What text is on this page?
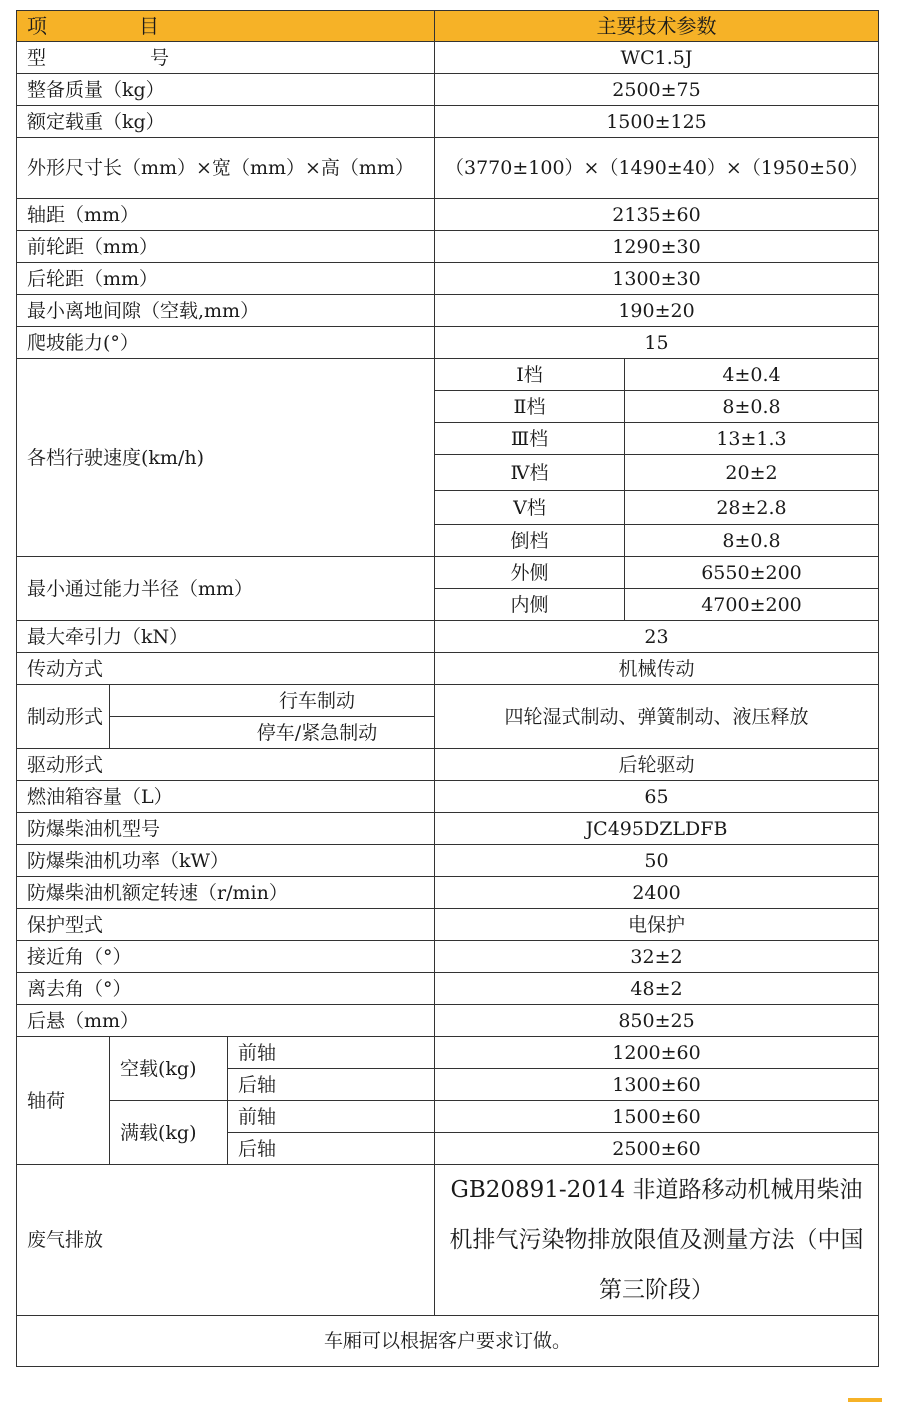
项 目			主要技术参数	
型 号			WC1.5J	
整备质量（kg）			2500±75	
额定载重（kg）			1500±125	
外形尺寸长（mm）×宽（mm）×高（mm）			（3770±100）×（1490±40）×（1950±50）	
轴距（mm）			2135±60	
前轮距（mm）			1290±30	
后轮距（mm）			1300±30	
最小离地间隙（空载,mm）			190±20	
爬坡能力(°）			15	
各档行驶速度(km/h)			Ⅰ档	4±0.4
			Ⅱ档	8±0.8
			Ⅲ档	13±1.3
			Ⅳ档	20±2
			Ⅴ档	28±2.8
			倒档	8±0.8
最小通过能力半径（mm）			外侧	6550±200
			内侧	4700±200
最大牵引力（kN）			23	
传动方式			机械传动	
制动形式	行车制动		四轮湿式制动、弹簧制动、液压释放	
	停车/紧急制动			
驱动形式			后轮驱动	
燃油箱容量（L）			65	
防爆柴油机型号			JC495DZLDFB	
防爆柴油机功率（kW）			50	
防爆柴油机额定转速（r/min）			2400	
保护型式			电保护	
接近角（°）			32±2	
离去角（°）			48±2	
后悬（mm）			850±25	
轴荷	空载(kg)	前轴	1200±60	
		后轴	1300±60	
	满载(kg)	前轴	1500±60	
		后轴	2500±60	
废气排放			GB20891-2014 非道路移动机械用柴油机排气污染物排放限值及测量方法（中国第三阶段）	
车厢可以根据客户要求订做。				
